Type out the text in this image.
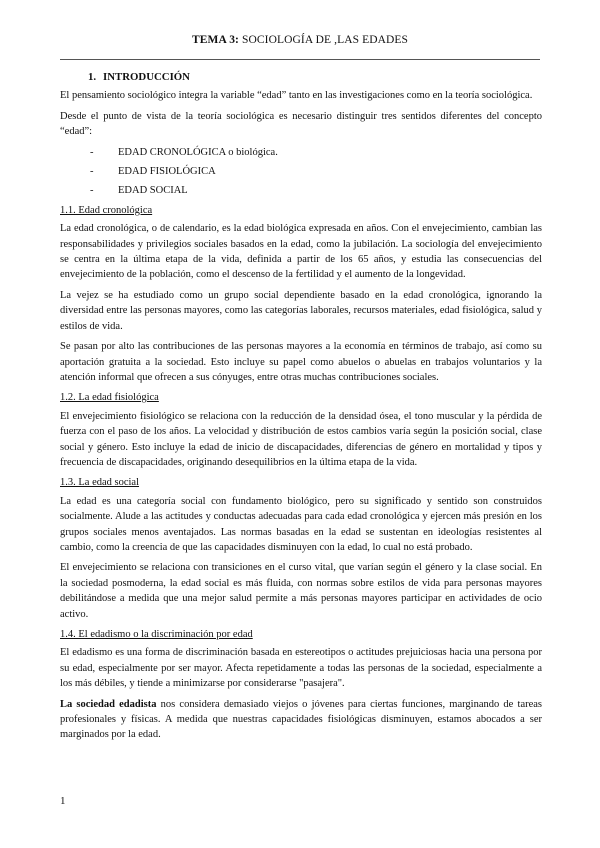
TEMA 3: SOCIOLOGÍA DE ,LAS EDADES
1. INTRODUCCIÓN

El pensamiento sociológico integra la variable “edad” tanto en las investigaciones como en la teoría sociológica.

Desde el punto de vista de la teoría sociológica es necesario distinguir tres sentidos diferentes del concepto “edad”:

- EDAD CRONOLÓGICA o biológica.
- EDAD FISIOLÓGICA
- EDAD SOCIAL
1.1. Edad cronológica

La edad cronológica, o de calendario, es la edad biológica expresada en años. Con el envejecimiento, cambian las responsabilidades y privilegios sociales basados en la edad, como la jubilación. La sociología del envejecimiento se centra en la última etapa de la vida, definida a partir de los 65 años, y estudia las consecuencias del envejecimiento de la población, como el descenso de la fertilidad y el aumento de la longevidad.

La vejez se ha estudiado como un grupo social dependiente basado en la edad cronológica, ignorando la diversidad entre las personas mayores, como las categorías laborales, recursos materiales, edad fisiológica, salud y estilos de vida.

Se pasan por alto las contribuciones de las personas mayores a la economía en términos de trabajo, así como su aportación gratuita a la sociedad. Esto incluye su papel como abuelos o abuelas en trabajos voluntarios y la atención informal que ofrecen a sus cónyuges, entre otras muchas contribuciones sociales.

1.2. La edad fisiológica

El envejecimiento fisiológico se relaciona con la reducción de la densidad ósea, el tono muscular y la pérdida de fuerza con el paso de los años. La velocidad y distribución de estos cambios varía según la posición social, clase social y género. Esto incluye la edad de inicio de discapacidades, diferencias de género en mortalidad y tipos y frecuencia de discapacidades, originando desequilibrios en la última etapa de la vida.

1.3. La edad social

La edad es una categoría social con fundamento biológico, pero su significado y sentido son construidos socialmente. Alude a las actitudes y conductas adecuadas para cada edad cronológica y ejercen más presión en los grupos sociales menos aventajados. Las normas basadas en la edad se sustentan en ideologías resistentes al cambio, como la creencia de que las capacidades disminuyen con la edad, lo cual no está probado.

El envejecimiento se relaciona con transiciones en el curso vital, que varían según el género y la clase social. En la sociedad posmoderna, la edad social es más fluida, con normas sobre estilos de vida para personas mayores debilitándose a medida que una mejor salud permite a más personas mayores participar en actividades de ocio activo.

1.4. El edadismo o la discriminación por edad

El edadismo es una forma de discriminación basada en estereotipos o actitudes prejuiciosas hacia una persona por su edad, especialmente por ser mayor. Afecta repetidamente a todas las personas de la sociedad, especialmente a los más débiles, y tiende a minimizarse por considerarse "pasajera".

La sociedad edadista nos considera demasiado viejos o jóvenes para ciertas funciones, marginando de tareas profesionales y físicas. A medida que nuestras capacidades fisiológicas disminuyen, estamos abocados a ser marginados por la edad.

1
